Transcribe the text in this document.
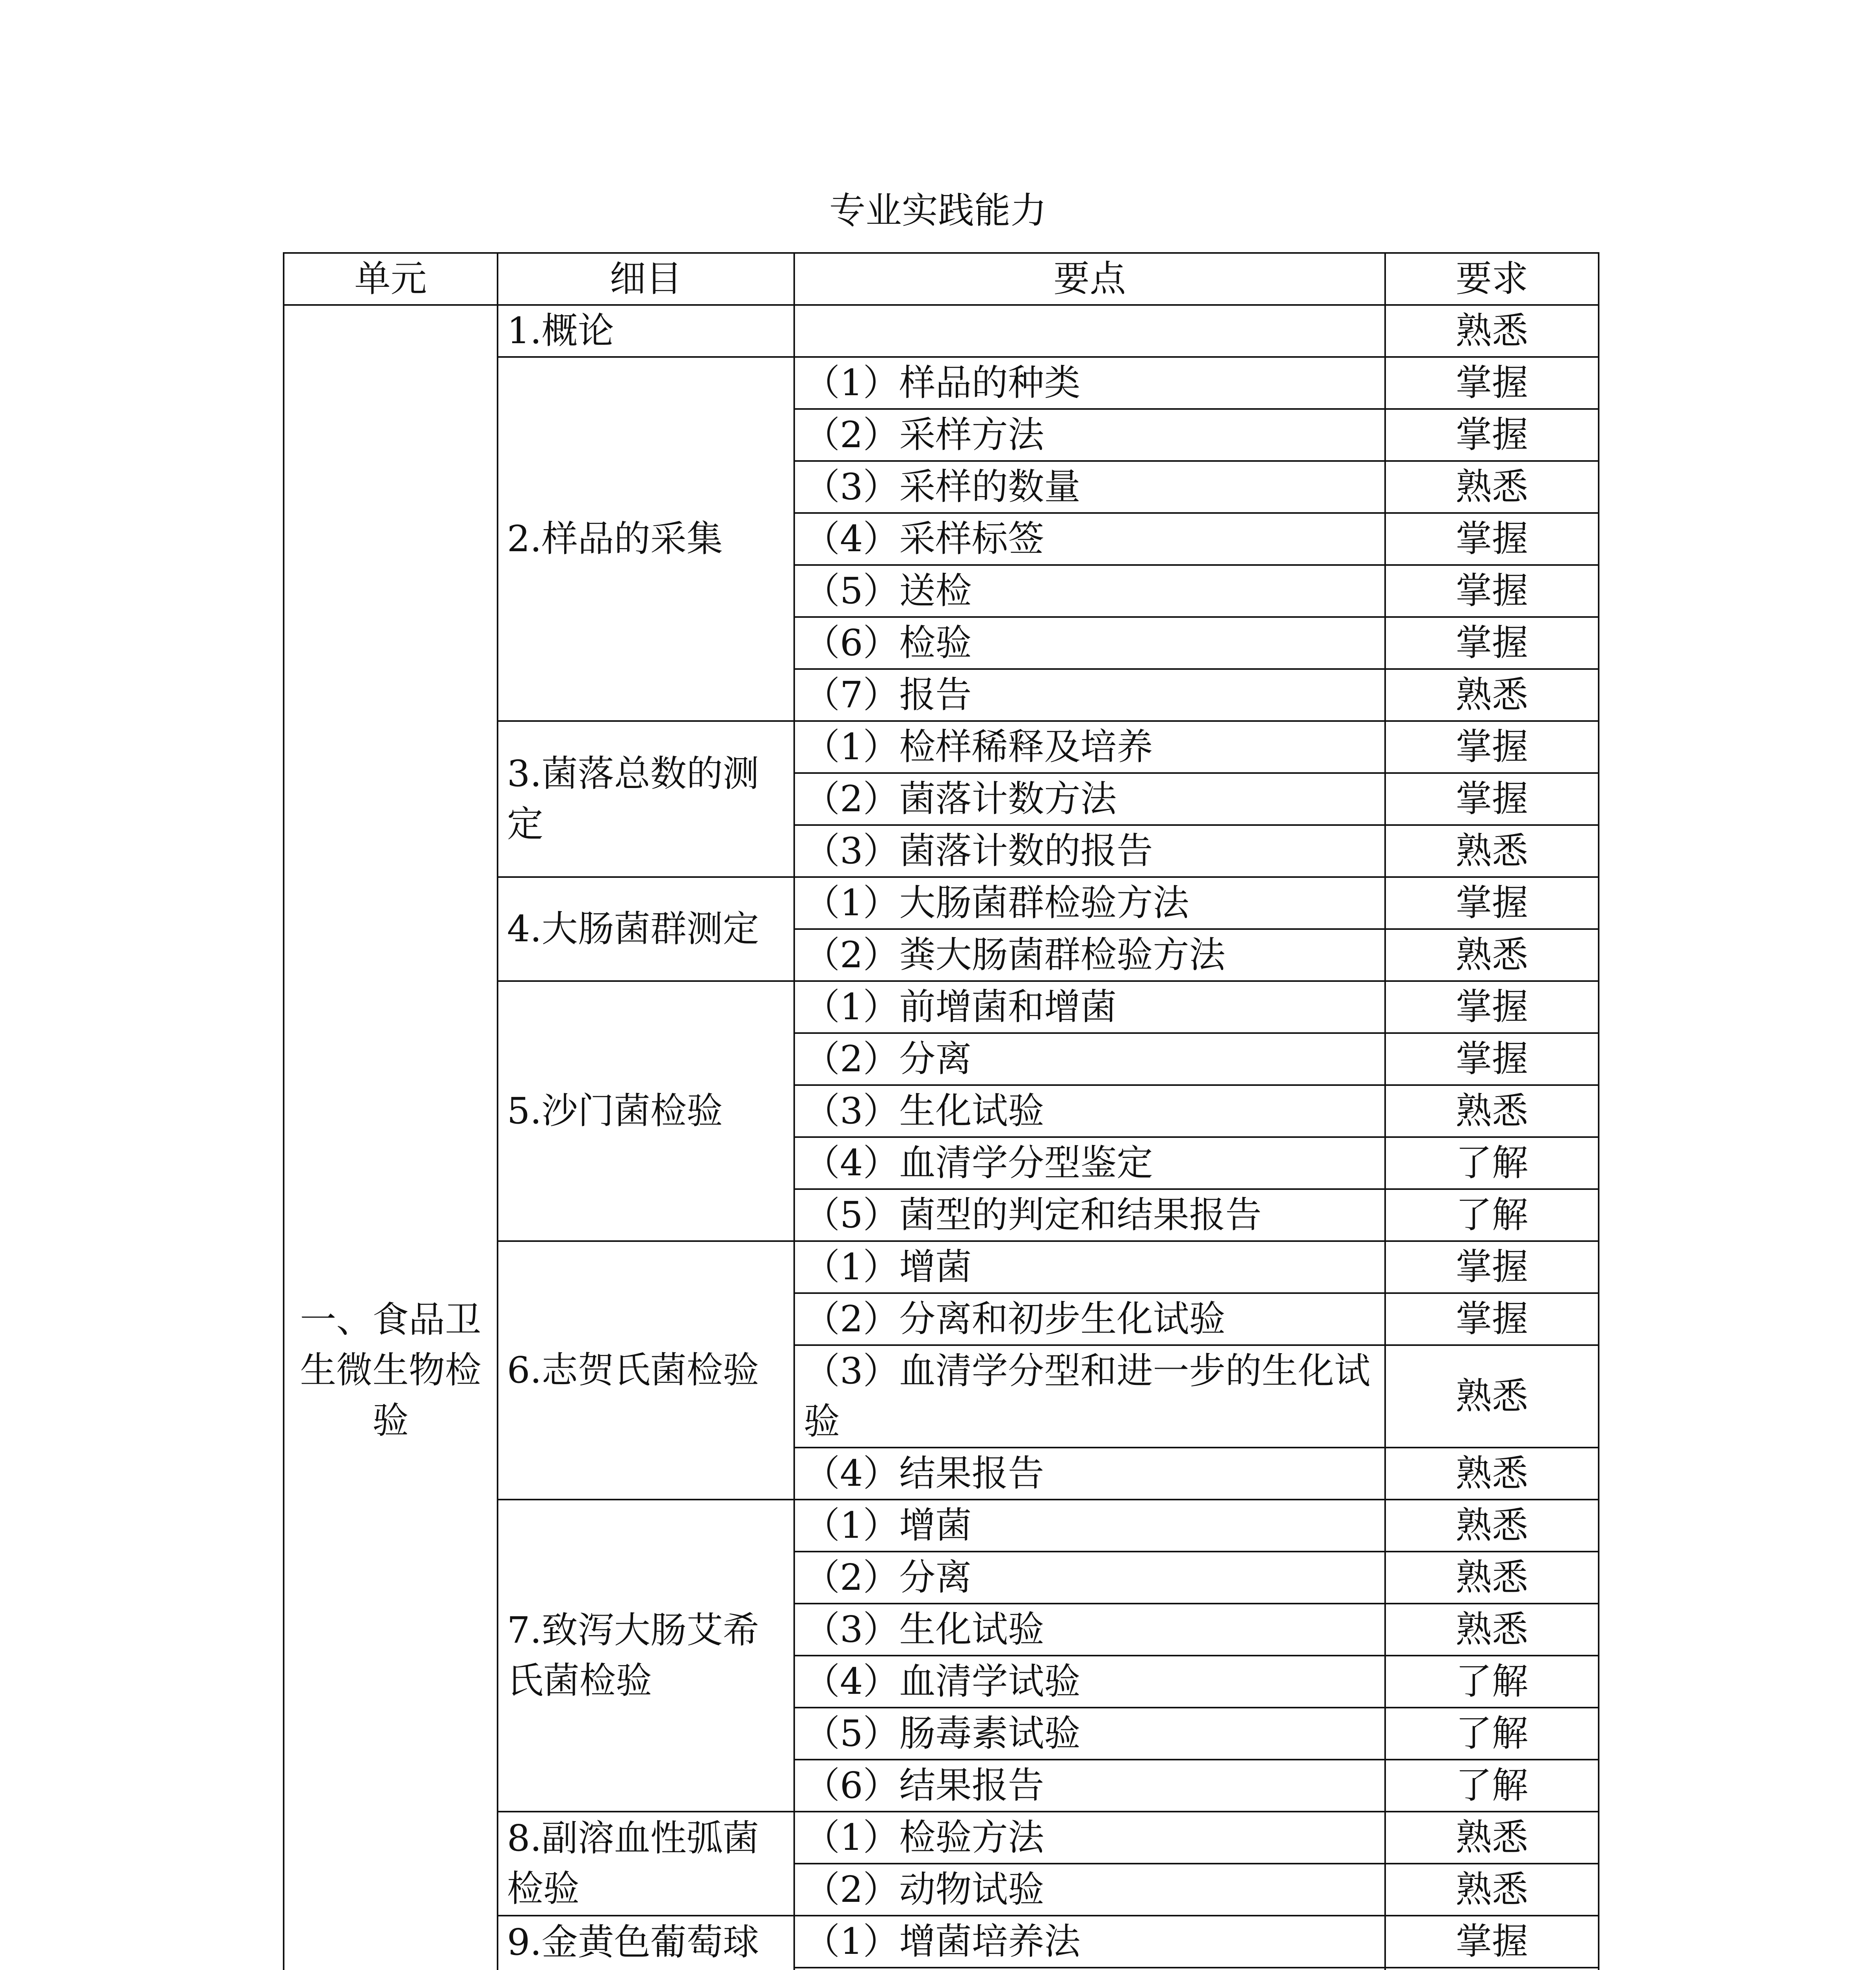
专业实践能力
单元	细目	要点	要求
一、食品卫生微生物检验	1.概论		熟悉
	2.样品的采集	（1）样品的种类	掌握
		（2）采样方法	掌握
		（3）采样的数量	熟悉
		（4）采样标签	掌握
		（5）送检	掌握
		（6）检验	掌握
		（7）报告	熟悉
	3.菌落总数的测定	（1）检样稀释及培养	掌握
		（2）菌落计数方法	掌握
		（3）菌落计数的报告	熟悉
	4.大肠菌群测定	（1）大肠菌群检验方法	掌握
		（2）粪大肠菌群检验方法	熟悉
	5.沙门菌检验	（1）前增菌和增菌	掌握
		（2）分离	掌握
		（3）生化试验	熟悉
		（4）血清学分型鉴定	了解
		（5）菌型的判定和结果报告	了解
	6.志贺氏菌检验	（1）增菌	掌握
		（2）分离和初步生化试验	掌握
		（3）血清学分型和进一步的生化试验	熟悉
		（4）结果报告	熟悉
	7.致泻大肠艾希氏菌检验	（1）增菌	熟悉
		（2）分离	熟悉
		（3）生化试验	熟悉
		（4）血清学试验	了解
		（5）肠毒素试验	了解
		（6）结果报告	了解
	8.副溶血性弧菌检验	（1）检验方法	熟悉
		（2）动物试验	熟悉
	9.金黄色葡萄球	（1）增菌培养法	掌握
